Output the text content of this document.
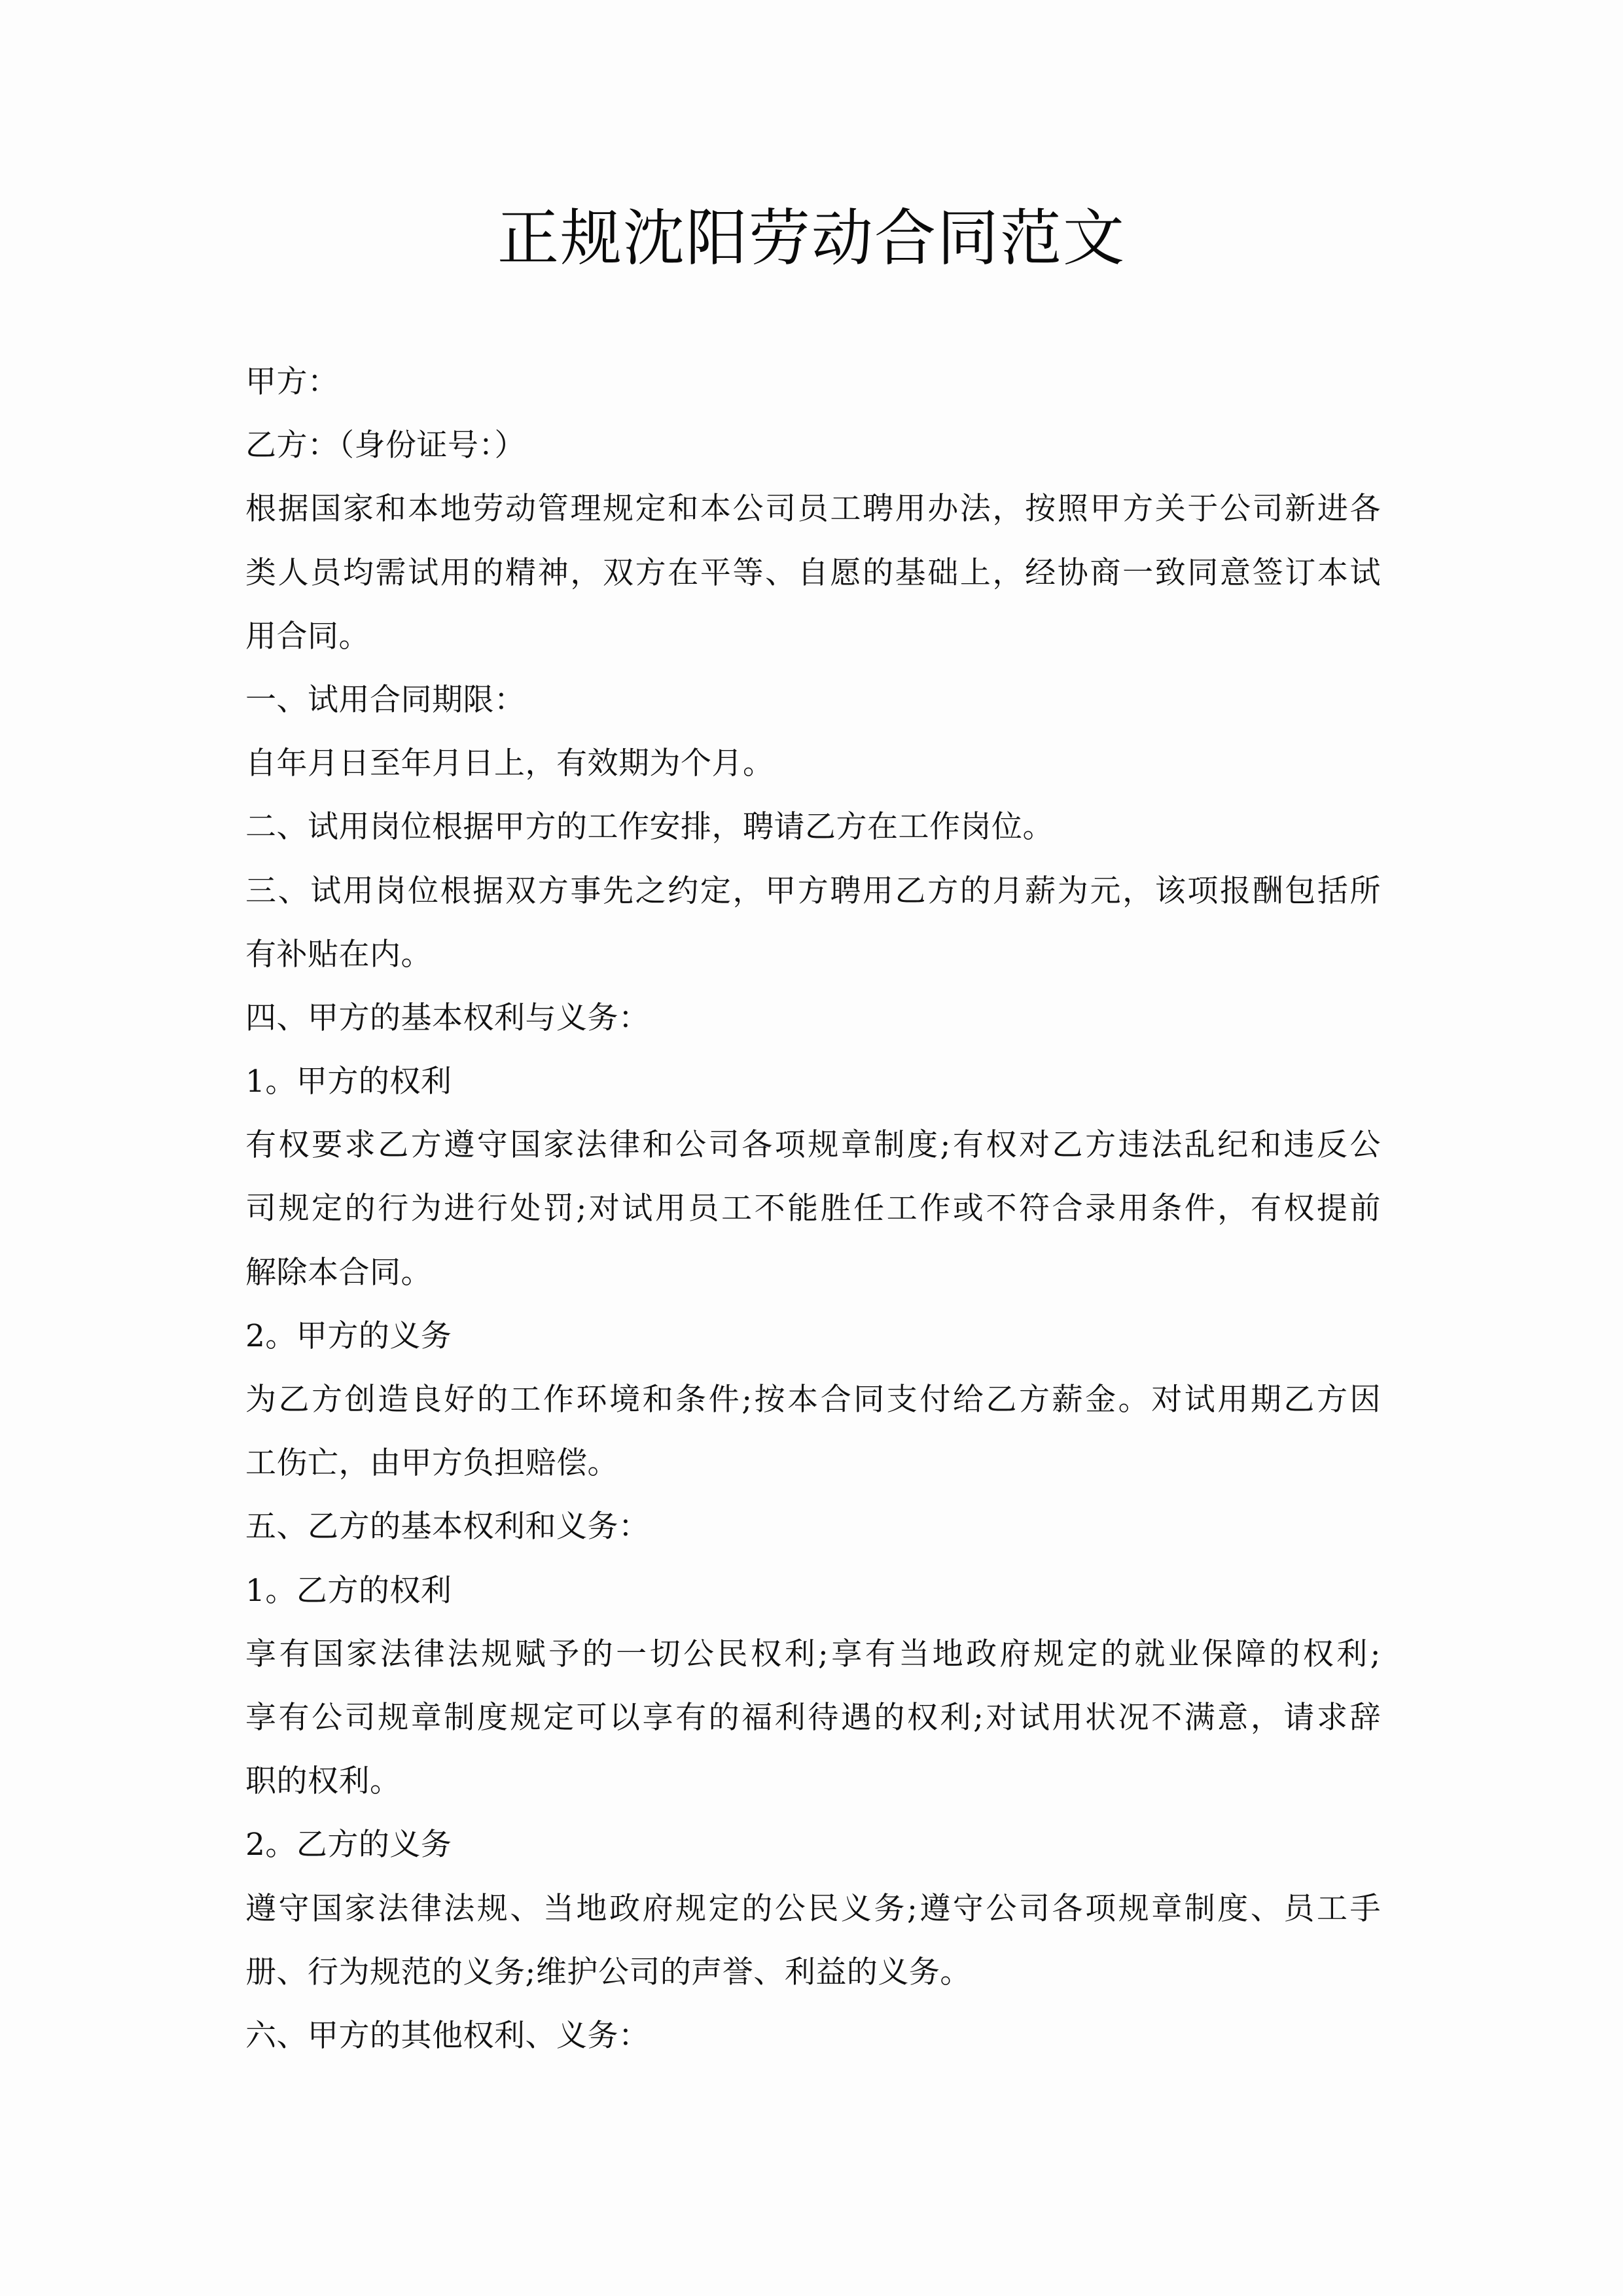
正规沈阳劳动合同范文

甲方：

乙方：（身份证号：）

根据国家和本地劳动管理规定和本公司员工聘用办法，按照甲方关于公司新进各

类人员均需试用的精神，双方在平等、自愿的基础上，经协商一致同意签订本试

用合同。

一、试用合同期限：

自年月日至年月日上，有效期为个月。

二、试用岗位根据甲方的工作安排，聘请乙方在工作岗位。

三、试用岗位根据双方事先之约定，甲方聘用乙方的月薪为元，该项报酬包括所

有补贴在内。

四、甲方的基本权利与义务：

1。甲方的权利

有权要求乙方遵守国家法律和公司各项规章制度;有权对乙方违法乱纪和违反公

司规定的行为进行处罚;对试用员工不能胜任工作或不符合录用条件，有权提前

解除本合同。

2。甲方的义务

为乙方创造良好的工作环境和条件;按本合同支付给乙方薪金。对试用期乙方因

工伤亡，由甲方负担赔偿。

五、乙方的基本权利和义务：

1。乙方的权利

享有国家法律法规赋予的一切公民权利;享有当地政府规定的就业保障的权利;

享有公司规章制度规定可以享有的福利待遇的权利;对试用状况不满意，请求辞

职的权利。

2。乙方的义务

遵守国家法律法规、当地政府规定的公民义务;遵守公司各项规章制度、员工手

册、行为规范的义务;维护公司的声誉、利益的义务。

六、甲方的其他权利、义务：
